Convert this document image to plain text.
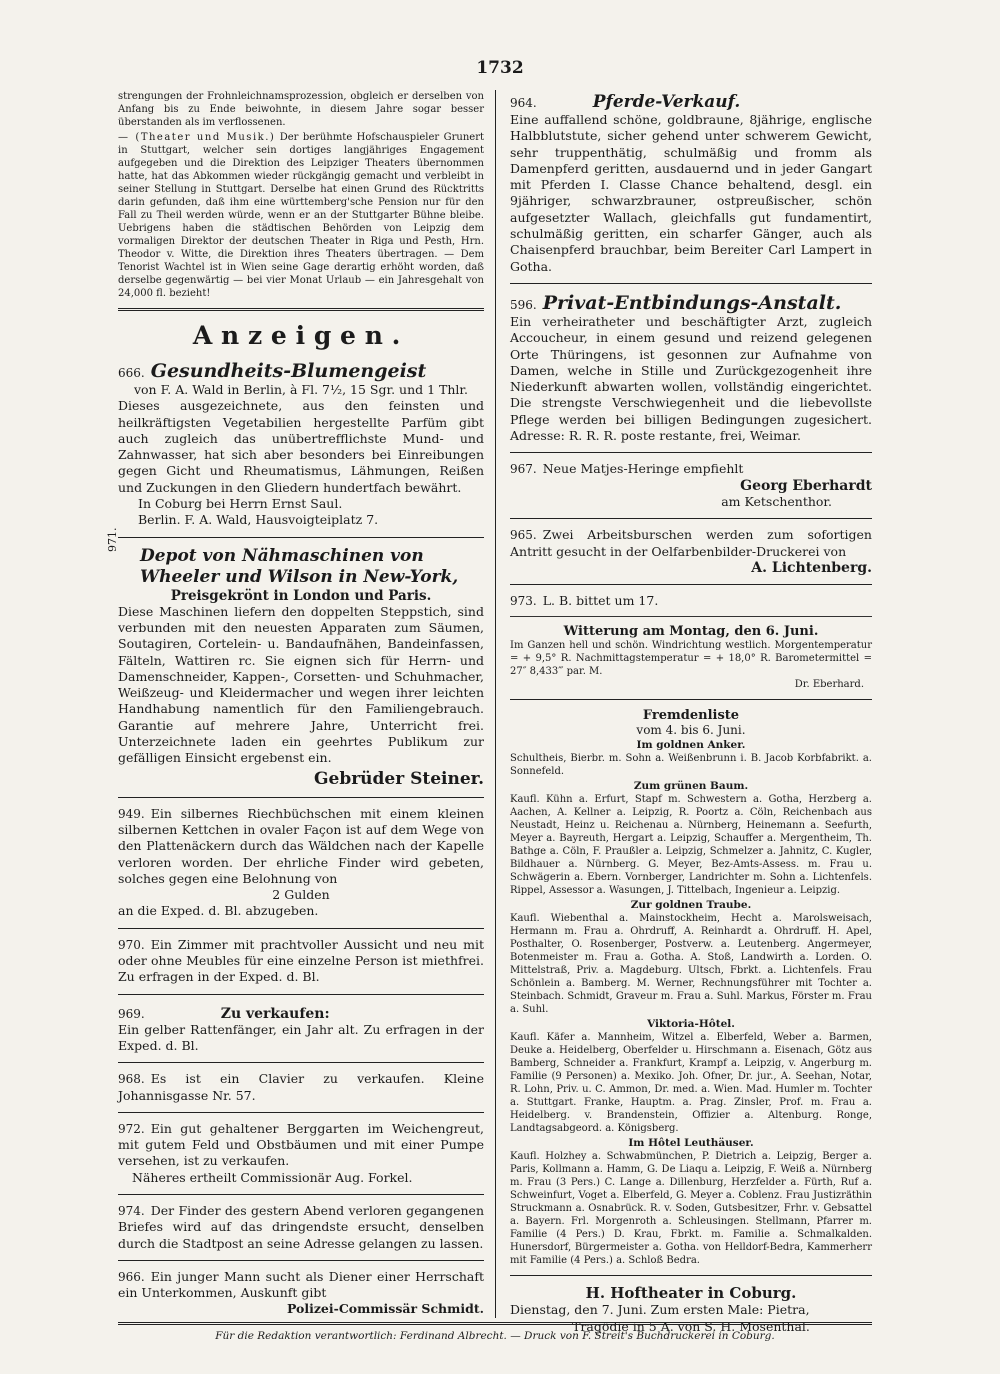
1732

strengungen der Frohnleichnamsprozession, obgleich er derselben von Anfang bis zu Ende beiwohnte, in diesem Jahre sogar besser überstanden als im verflossenen.

— (Theater und Musik.) Der berühmte Hofschauspieler Grunert in Stuttgart, welcher sein dortiges langjähriges Engagement aufgegeben und die Direktion des Leipziger Theaters übernommen hatte, hat das Abkommen wieder rückgängig gemacht und verbleibt in seiner Stellung in Stuttgart. Derselbe hat einen Grund des Rücktritts darin gefunden, daß ihm eine württemberg'sche Pension nur für den Fall zu Theil werden würde, wenn er an der Stuttgarter Bühne bleibe. Uebrigens haben die städtischen Behörden von Leipzig dem vormaligen Direktor der deutschen Theater in Riga und Pesth, Hrn. Theodor v. Witte, die Direktion ihres Theaters übertragen. — Dem Tenorist Wachtel ist in Wien seine Gage derartig erhöht worden, daß derselbe gegenwärtig — bei vier Monat Urlaub — ein Jahresgehalt von 24,000 fl. bezieht!

Anzeigen.
666. Gesundheits-Blumengeist

von F. A. Wald in Berlin, à Fl. 7½, 15 Sgr. und 1 Thlr.

Dieses ausgezeichnete, aus den feinsten und heilkräftigsten Vegetabilien hergestellte Parfüm gibt auch zugleich das unübertrefflichste Mund- und Zahnwasser, hat sich aber besonders bei Einreibungen gegen Gicht und Rheumatismus, Lähmungen, Reißen und Zuckungen in den Gliedern hundertfach bewährt.

In Coburg bei Herrn Ernst Saul.

Berlin. F. A. Wald, Hausvoigteiplatz 7.

971.
Depot von Nähmaschinen von Wheeler und Wilson in New-York,
Preisgekrönt in London und Paris.

Diese Maschinen liefern den doppelten Steppstich, sind verbunden mit den neuesten Apparaten zum Säumen, Soutagiren, Cortelein- u. Bandaufnähen, Bandeinfassen, Fälteln, Wattiren rc. Sie eignen sich für Herrn- und Damenschneider, Kappen-, Corsetten- und Schuhmacher, Weißzeug- und Kleidermacher und wegen ihrer leichten Handhabung namentlich für den Familiengebrauch. Garantie auf mehrere Jahre, Unterricht frei. Unterzeichnete laden ein geehrtes Publikum zur gefälligen Einsicht ergebenst ein.

Gebrüder Steiner.

949. Ein silbernes Riechbüchschen mit einem kleinen silbernen Kettchen in ovaler Façon ist auf dem Wege von den Plattenäckern durch das Wäldchen nach der Kapelle verloren worden. Der ehrliche Finder wird gebeten, solches gegen eine Belohnung von

2 Gulden

an die Exped. d. Bl. abzugeben.

970. Ein Zimmer mit prachtvoller Aussicht und neu mit oder ohne Meubles für eine einzelne Person ist miethfrei. Zu erfragen in der Exped. d. Bl.

969.	Zu verkaufen:

Ein gelber Rattenfänger, ein Jahr alt. Zu erfragen in der Exped. d. Bl.

968. Es ist ein Clavier zu verkaufen. Kleine Johannisgasse Nr. 57.

972. Ein gut gehaltener Berggarten im Weichengreut, mit gutem Feld und Obstbäumen und mit einer Pumpe versehen, ist zu verkaufen.

Näheres ertheilt Commissionär Aug. Forkel.

974. Der Finder des gestern Abend verloren gegangenen Briefes wird auf das dringendste ersucht, denselben durch die Stadtpost an seine Adresse gelangen zu lassen.

966. Ein junger Mann sucht als Diener einer Herrschaft ein Unterkommen, Auskunft gibt

Polizei-Commissär Schmidt.

964.	Pferde-Verkauf.

Eine auffallend schöne, goldbraune, 8jährige, englische Halbblutstute, sicher gehend unter schwerem Gewicht, sehr truppenthätig, schulmäßig und fromm als Damenpferd geritten, ausdauernd und in jeder Gangart mit Pferden I. Classe Chance behaltend, desgl. ein 9jähriger, schwarzbrauner, ostpreußischer, schön aufgesetzter Wallach, gleichfalls gut fundamentirt, schulmäßig geritten, ein scharfer Gänger, auch als Chaisenpferd brauchbar, beim Bereiter Carl Lampert in Gotha.

596. Privat-Entbindungs-Anstalt.

Ein verheiratheter und beschäftigter Arzt, zugleich Accoucheur, in einem gesund und reizend gelegenen Orte Thüringens, ist gesonnen zur Aufnahme von Damen, welche in Stille und Zurückgezogenheit ihre Niederkunft abwarten wollen, vollständig eingerichtet. Die strengste Verschwiegenheit und die liebevollste Pflege werden bei billigen Bedingungen zugesichert. Adresse: R. R. R. poste restante, frei, Weimar.

967. Neue Matjes-Heringe empfiehlt

Georg Eberhardt

am Ketschenthor.

965. Zwei Arbeitsburschen werden zum sofortigen Antritt gesucht in der Oelfarbenbilder-Druckerei von

A. Lichtenberg.

973. L. B. bittet um 17.

Witterung am Montag, den 6. Juni.

Im Ganzen hell und schön. Windrichtung westlich. Morgentemperatur = + 9,5° R. Nachmittagstemperatur = + 18,0° R. Barometermittel = 27″ 8,433‴ par. M.

Dr. Eberhard.

Fremdenliste
vom 4. bis 6. Juni.
Im goldnen Anker.

Schultheis, Bierbr. m. Sohn a. Weißenbrunn i. B. Jacob Korbfabrikt. a. Sonnefeld.

Zum grünen Baum.

Kaufl. Kühn a. Erfurt, Stapf m. Schwestern a. Gotha, Herzberg a. Aachen, A. Kellner a. Leipzig, R. Poortz a. Cöln, Reichenbach aus Neustadt, Heinz u. Reichenau a. Nürnberg, Heinemann a. Seefurth, Meyer a. Bayreuth, Hergart a. Leipzig, Schauffer a. Mergentheim, Th. Bathge a. Cöln, F. Praußler a. Leipzig, Schmelzer a. Jahnitz, C. Kugler, Bildhauer a. Nürnberg. G. Meyer, Bez-Amts-Assess. m. Frau u. Schwägerin a. Ebern. Vornberger, Landrichter m. Sohn a. Lichtenfels. Rippel, Assessor a. Wasungen, J. Tittelbach, Ingenieur a. Leipzig.

Zur goldnen Traube.

Kaufl. Wiebenthal a. Mainstockheim, Hecht a. Marolsweisach, Hermann m. Frau a. Ohrdruff, A. Reinhardt a. Ohrdruff. H. Apel, Posthalter, O. Rosenberger, Postverw. a. Leutenberg. Angermeyer, Botenmeister m. Frau a. Gotha. A. Stoß, Landwirth a. Lorden. O. Mittelstraß, Priv. a. Magdeburg. Ultsch, Fbrkt. a. Lichtenfels. Frau Schönlein a. Bamberg. M. Werner, Rechnungsführer mit Tochter a. Steinbach. Schmidt, Graveur m. Frau a. Suhl. Markus, Förster m. Frau a. Suhl.

Viktoria-Hôtel.

Kaufl. Käfer a. Mannheim, Witzel a. Elberfeld, Weber a. Barmen, Deuke a. Heidelberg, Oberfelder u. Hirschmann a. Eisenach, Götz aus Bamberg, Schneider a. Frankfurt, Krampf a. Leipzig, v. Angerburg m. Familie (9 Personen) a. Mexiko. Joh. Ofner, Dr. jur., A. Seehan, Notar, R. Lohn, Priv. u. C. Ammon, Dr. med. a. Wien. Mad. Humler m. Tochter a. Stuttgart. Franke, Hauptm. a. Prag. Zinsler, Prof. m. Frau a. Heidelberg. v. Brandenstein, Offizier a. Altenburg. Ronge, Landtagsabgeord. a. Königsberg.

Im Hôtel Leuthäuser.

Kaufl. Holzhey a. Schwabmünchen, P. Dietrich a. Leipzig, Berger a. Paris, Kollmann a. Hamm, G. De Liaqu a. Leipzig, F. Weiß a. Nürnberg m. Frau (3 Pers.) C. Lange a. Dillenburg, Herzfelder a. Fürth, Ruf a. Schweinfurt, Voget a. Elberfeld, G. Meyer a. Coblenz. Frau Justizräthin Struckmann a. Osnabrück. R. v. Soden, Gutsbesitzer, Frhr. v. Gebsattel a. Bayern. Frl. Morgenroth a. Schleusingen. Stellmann, Pfarrer m. Familie (4 Pers.) D. Krau, Fbrkt. m. Familie a. Schmalkalden. Hunersdorf, Bürgermeister a. Gotha. von Helldorf-Bedra, Kammerherr mit Familie (4 Pers.) a. Schloß Bedra.

H. Hoftheater in Coburg.

Dienstag, den 7. Juni. Zum ersten Male: Pietra,

Tragödie in 5 A. von S. H. Mosenthal.

Für die Redaktion verantwortlich: Ferdinand Albrecht. — Druck von F. Streit's Buchdruckerei in Coburg.
